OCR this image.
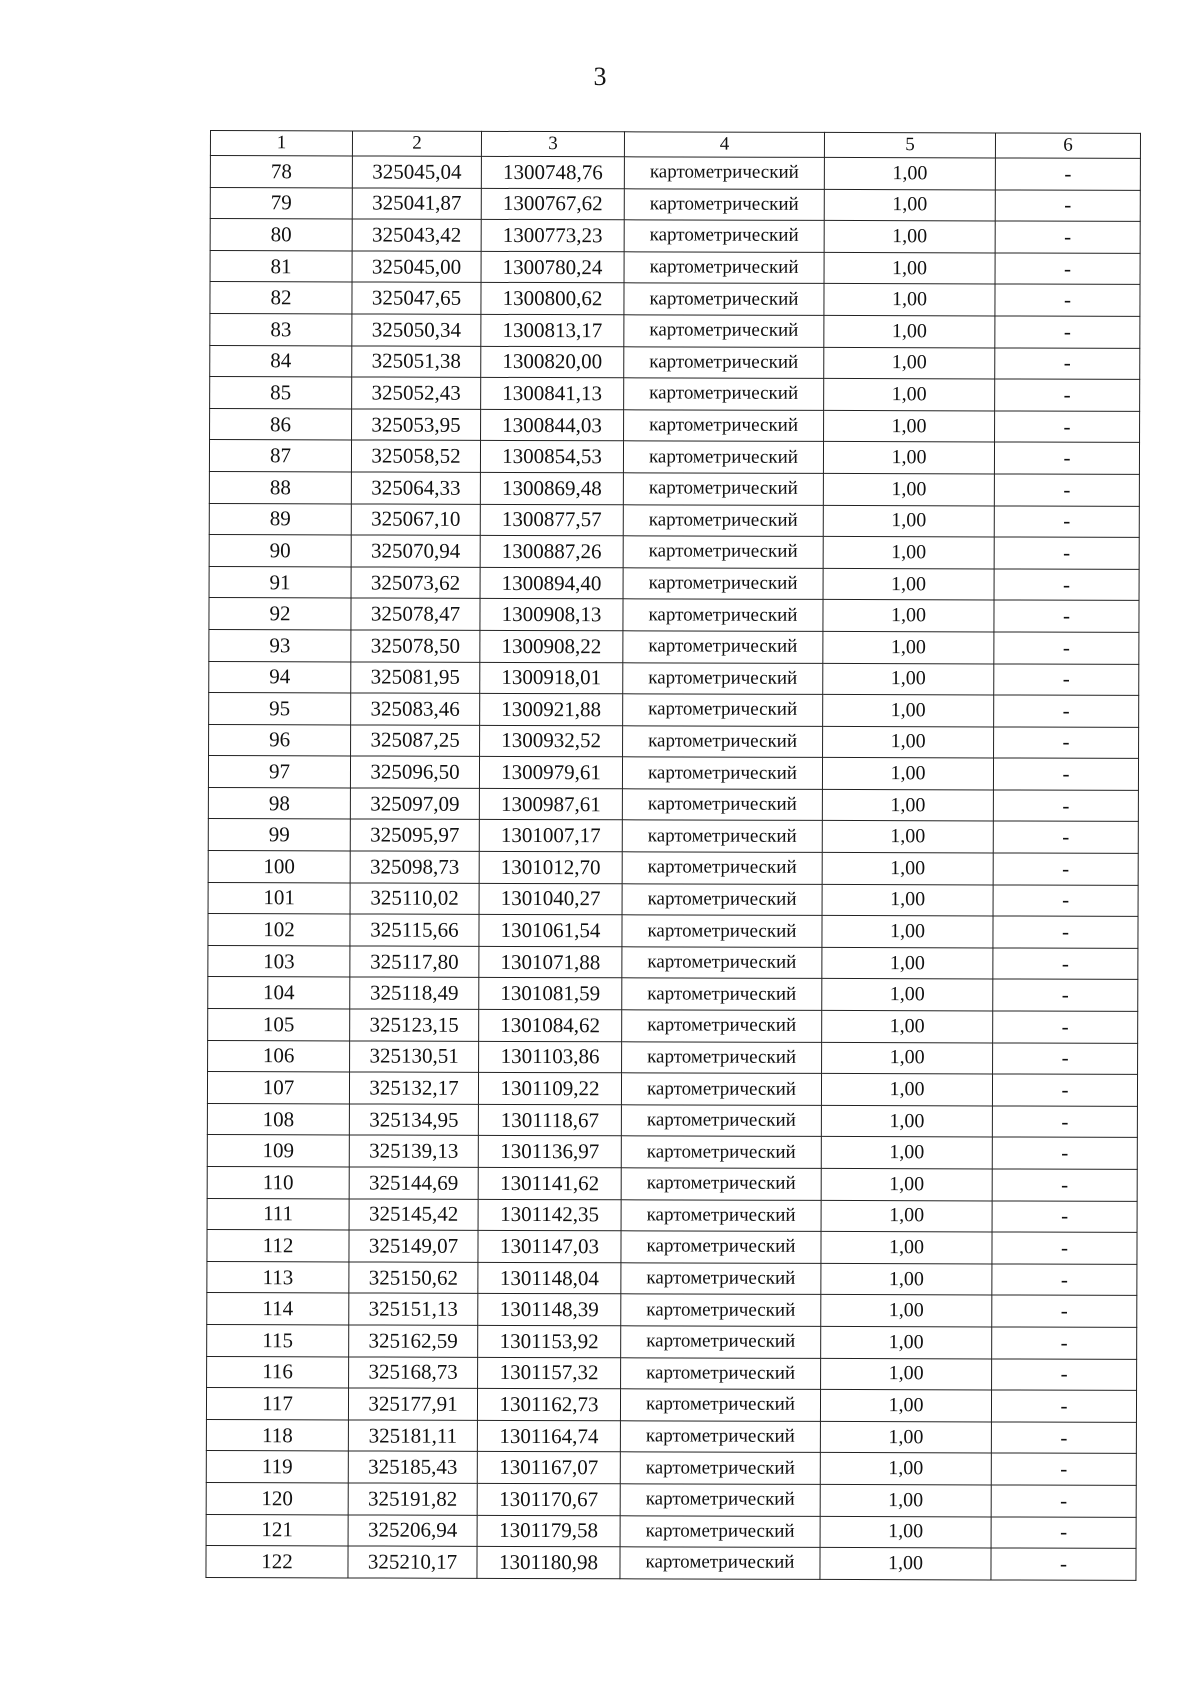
3
1	2	3	4	5	6
78	325045,04	1300748,76	картометрический	1,00	-
79	325041,87	1300767,62	картометрический	1,00	-
80	325043,42	1300773,23	картометрический	1,00	-
81	325045,00	1300780,24	картометрический	1,00	-
82	325047,65	1300800,62	картометрический	1,00	-
83	325050,34	1300813,17	картометрический	1,00	-
84	325051,38	1300820,00	картометрический	1,00	-
85	325052,43	1300841,13	картометрический	1,00	-
86	325053,95	1300844,03	картометрический	1,00	-
87	325058,52	1300854,53	картометрический	1,00	-
88	325064,33	1300869,48	картометрический	1,00	-
89	325067,10	1300877,57	картометрический	1,00	-
90	325070,94	1300887,26	картометрический	1,00	-
91	325073,62	1300894,40	картометрический	1,00	-
92	325078,47	1300908,13	картометрический	1,00	-
93	325078,50	1300908,22	картометрический	1,00	-
94	325081,95	1300918,01	картометрический	1,00	-
95	325083,46	1300921,88	картометрический	1,00	-
96	325087,25	1300932,52	картометрический	1,00	-
97	325096,50	1300979,61	картометрический	1,00	-
98	325097,09	1300987,61	картометрический	1,00	-
99	325095,97	1301007,17	картометрический	1,00	-
100	325098,73	1301012,70	картометрический	1,00	-
101	325110,02	1301040,27	картометрический	1,00	-
102	325115,66	1301061,54	картометрический	1,00	-
103	325117,80	1301071,88	картометрический	1,00	-
104	325118,49	1301081,59	картометрический	1,00	-
105	325123,15	1301084,62	картометрический	1,00	-
106	325130,51	1301103,86	картометрический	1,00	-
107	325132,17	1301109,22	картометрический	1,00	-
108	325134,95	1301118,67	картометрический	1,00	-
109	325139,13	1301136,97	картометрический	1,00	-
110	325144,69	1301141,62	картометрический	1,00	-
111	325145,42	1301142,35	картометрический	1,00	-
112	325149,07	1301147,03	картометрический	1,00	-
113	325150,62	1301148,04	картометрический	1,00	-
114	325151,13	1301148,39	картометрический	1,00	-
115	325162,59	1301153,92	картометрический	1,00	-
116	325168,73	1301157,32	картометрический	1,00	-
117	325177,91	1301162,73	картометрический	1,00	-
118	325181,11	1301164,74	картометрический	1,00	-
119	325185,43	1301167,07	картометрический	1,00	-
120	325191,82	1301170,67	картометрический	1,00	-
121	325206,94	1301179,58	картометрический	1,00	-
122	325210,17	1301180,98	картометрический	1,00	-
